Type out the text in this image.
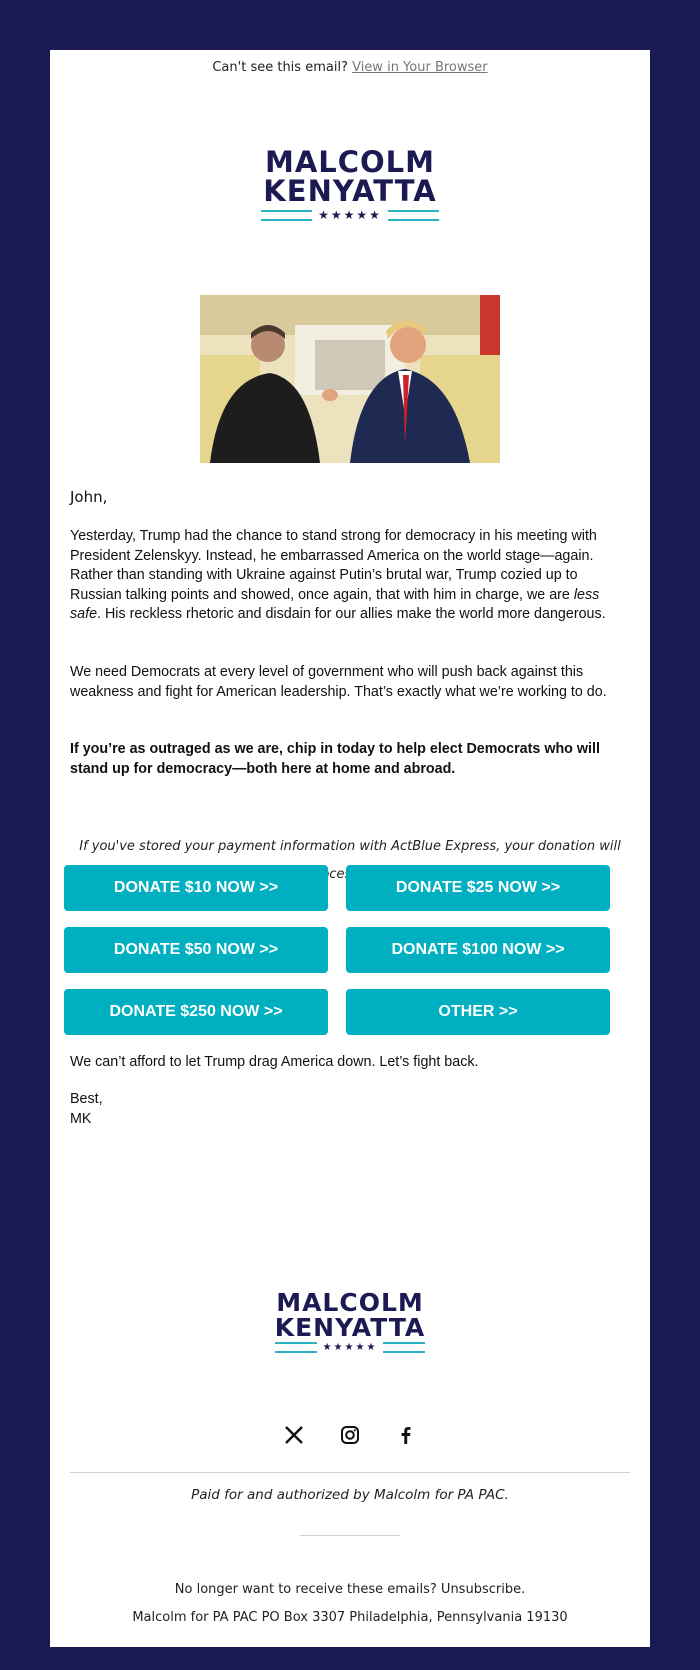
Can't see this email? View in Your Browser
MALCOLM
KENYATTA
★★★★★
John,

Yesterday, Trump had the chance to stand strong for democracy in his meeting with President Zelenskyy. Instead, he embarrassed America on the world stage—again. Rather than standing with Ukraine against Putin’s brutal war, Trump cozied up to Russian talking points and showed, once again, that with him in charge, we are less safe. His reckless rhetoric and disdain for our allies make the world more dangerous.

We need Democrats at every level of government who will push back against this weakness and fight for American leadership. That’s exactly what we’re working to do.

If you’re as outraged as we are, chip in today to help elect Democrats who will stand up for democracy—both here at home and abroad.

If you've stored your payment information with ActBlue Express, your donation will process
DONATE $10 NOW >>	DONATE $25 NOW >>
DONATE $50 NOW >>	DONATE $100 NOW >>
DONATE $250 NOW >>	OTHER >>
We can’t afford to let Trump drag America down. Let’s fight back.
Best,
MK
MALCOLM
KENYATTA
★★★★★
Paid for and authorized by Malcolm for PA PAC.
No longer want to receive these emails? Unsubscribe.
Malcolm for PA PAC PO Box 3307 Philadelphia, Pennsylvania 19130
